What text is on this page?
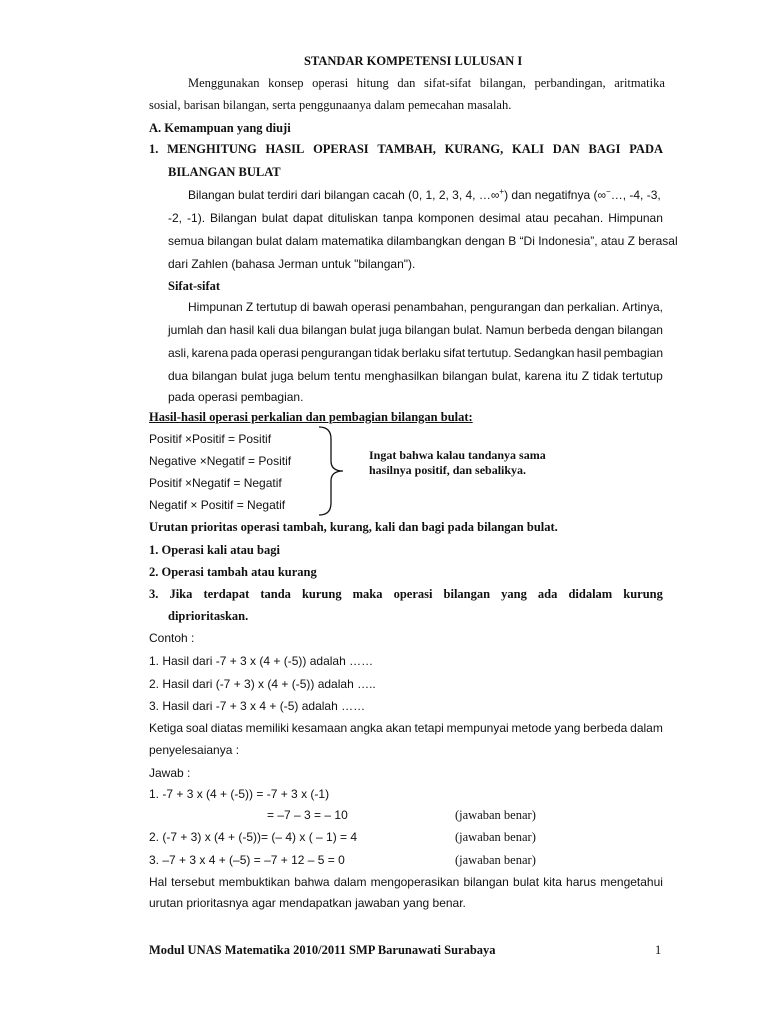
STANDAR KOMPETENSI LULUSAN I
Menggunakan konsep operasi hitung dan sifat-sifat bilangan, perbandingan, aritmatika
sosial, barisan bilangan, serta penggunaanya dalam pemecahan masalah.
A. Kemampuan yang diuji
1. MENGHITUNG HASIL OPERASI TAMBAH, KURANG, KALI DAN BAGI PADA
BILANGAN BULAT
Bilangan bulat terdiri dari bilangan cacah (0, 1, 2, 3, 4, …∞+) dan negatifnya (∞−…, -4, -3,
-2, -1). Bilangan bulat dapat dituliskan tanpa komponen desimal atau pecahan. Himpunan
semua bilangan bulat dalam matematika dilambangkan dengan B “Di Indonesia”, atau Z berasal
dari Zahlen (bahasa Jerman untuk "bilangan").
Sifat-sifat
Himpunan Z tertutup di bawah operasi penambahan, pengurangan dan perkalian. Artinya,
jumlah dan hasil kali dua bilangan bulat juga bilangan bulat. Namun berbeda dengan bilangan
asli, karena pada operasi pengurangan tidak berlaku sifat tertutup. Sedangkan hasil pembagian
dua bilangan bulat juga belum tentu menghasilkan bilangan bulat, karena itu Z tidak tertutup
pada operasi pembagian.
Hasil-hasil operasi perkalian dan pembagian bilangan bulat:
Positif ×Positif = Positif
Negative ×Negatif = Positif
Positif ×Negatif = Negatif
Negatif × Positif = Negatif
Ingat bahwa kalau tandanya sama
hasilnya positif, dan sebalikya.
Urutan prioritas operasi tambah, kurang, kali dan bagi pada bilangan bulat.
1. Operasi kali atau bagi
2. Operasi tambah atau kurang
3. Jika terdapat tanda kurung maka operasi bilangan yang ada didalam kurung
diprioritaskan.
Contoh :
1. Hasil dari -7 + 3 x (4 + (-5)) adalah ……
2. Hasil dari (-7 + 3) x (4 + (-5)) adalah …..
3. Hasil dari -7 + 3 x 4 + (-5) adalah ……
Ketiga soal diatas memiliki kesamaan angka akan tetapi mempunyai metode yang berbeda dalam
penyelesaianya :
Jawab :
1. -7 + 3 x (4 + (-5)) = -7 + 3 x (-1)
= –7 – 3 = – 10	(jawaban benar)
2. (-7 + 3) x (4 + (-5))= (– 4) x ( – 1) = 4	(jawaban benar)
3. –7 + 3 x 4 + (–5) = –7 + 12 – 5 = 0	(jawaban benar)
Hal tersebut membuktikan bahwa dalam mengoperasikan bilangan bulat kita harus mengetahui
urutan prioritasnya agar mendapatkan jawaban yang benar.
Modul UNAS Matematika 2010/2011 SMP Barunawati Surabaya	1
